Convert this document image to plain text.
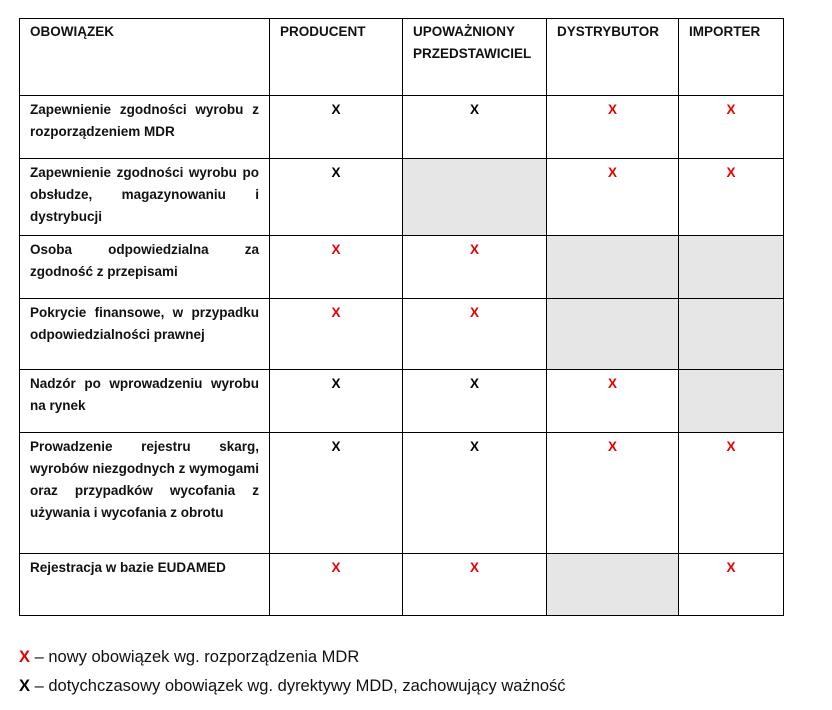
OBOWIĄZEK	PRODUCENT	UPOWAŻNIONY PRZEDSTAWICIEL	DYSTRYBUTOR	IMPORTER
Zapewnienie zgodności wyrobu z rozporządzeniem MDR	X	X	X	X
Zapewnienie zgodności wyrobu po obsłudze, magazynowaniu i dystrybucji	X		X	X
Osoba odpowiedzialna za zgodność z przepisami	X	X		
Pokrycie finansowe, w przypadku odpowiedzialności prawnej	X	X		
Nadzór po wprowadzeniu wyrobu na rynek	X	X	X	
Prowadzenie rejestru skarg, wyrobów niezgodnych z wymogami oraz przypadków wycofania z używania i wycofania z obrotu	X	X	X	X
Rejestracja w bazie EUDAMED	X	X		X
X – nowy obowiązek wg. rozporządzenia MDR
X – dotychczasowy obowiązek wg. dyrektywy MDD, zachowujący ważność
